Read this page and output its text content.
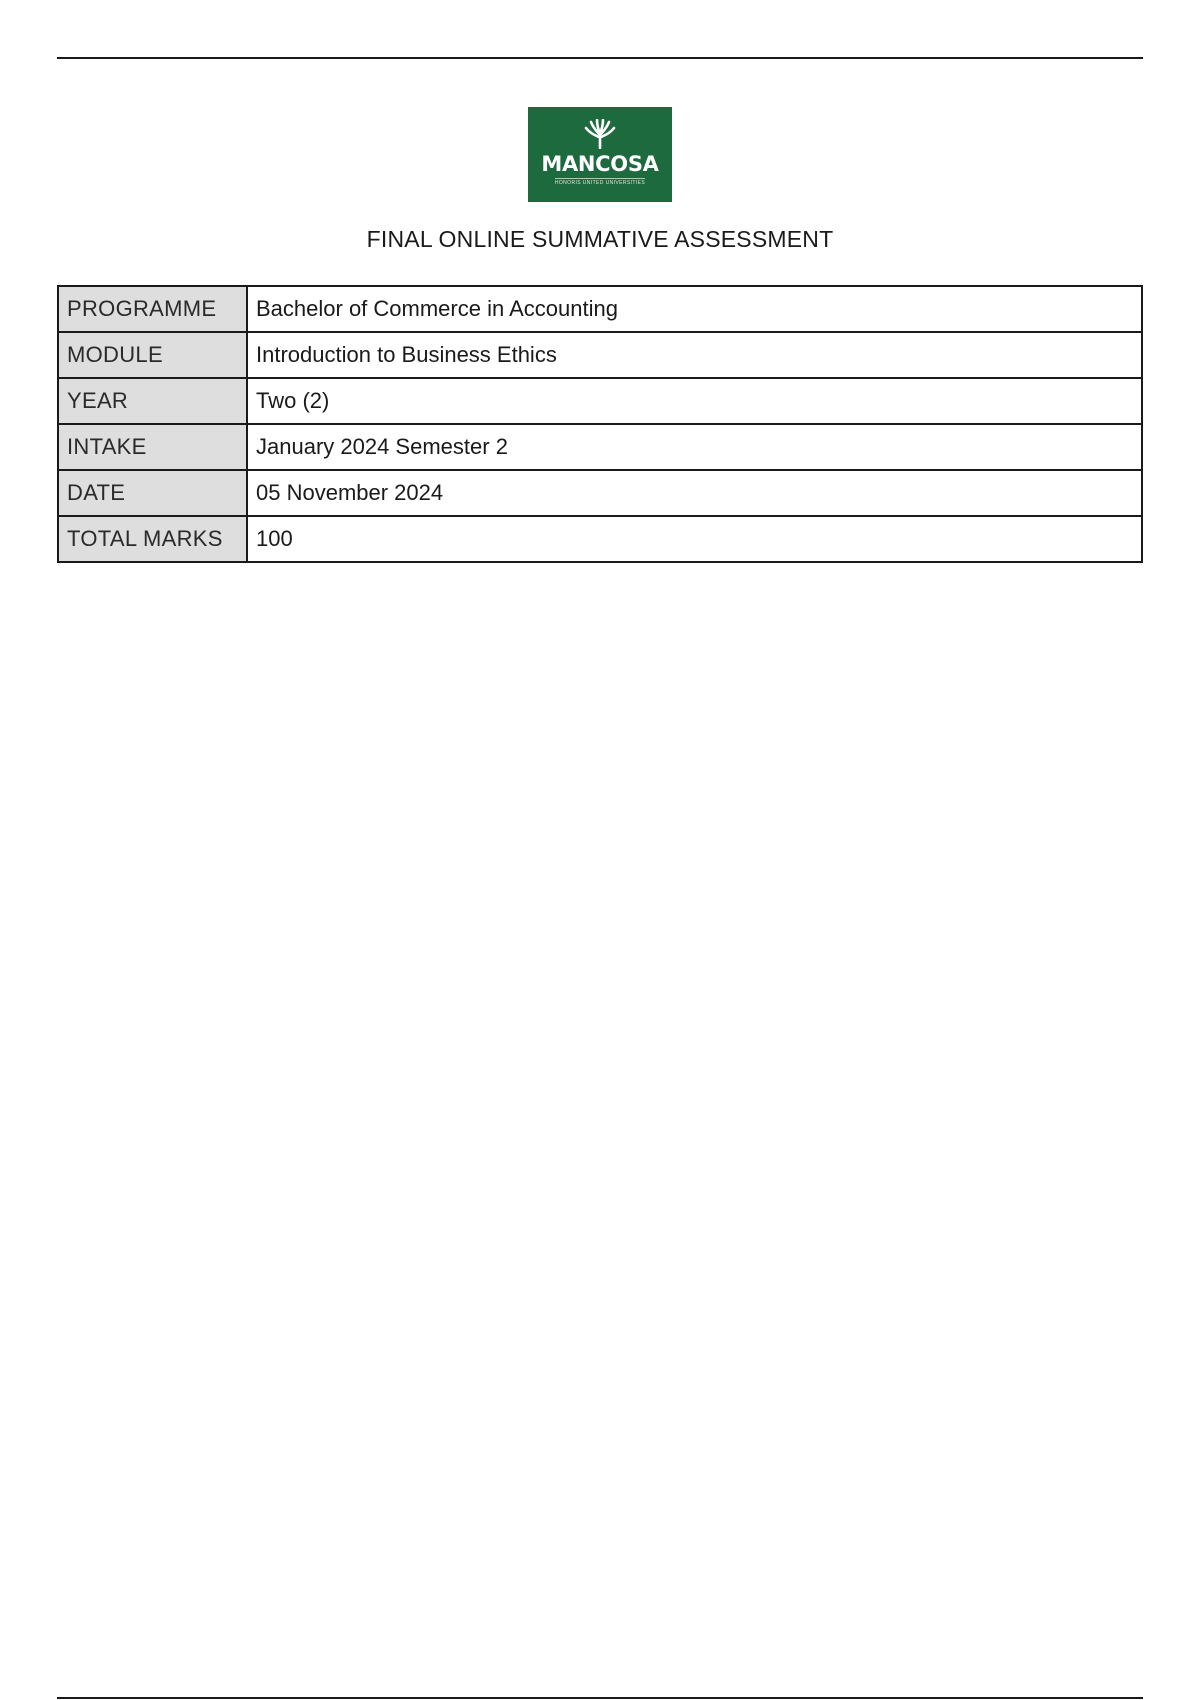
MANCOSA
HONORIS UNITED UNIVERSITIES
FINAL ONLINE SUMMATIVE ASSESSMENT
PROGRAMME	Bachelor of Commerce in Accounting
MODULE	Introduction to Business Ethics
YEAR	Two (2)
INTAKE	January 2024 Semester 2
DATE	05 November 2024
TOTAL MARKS	100
